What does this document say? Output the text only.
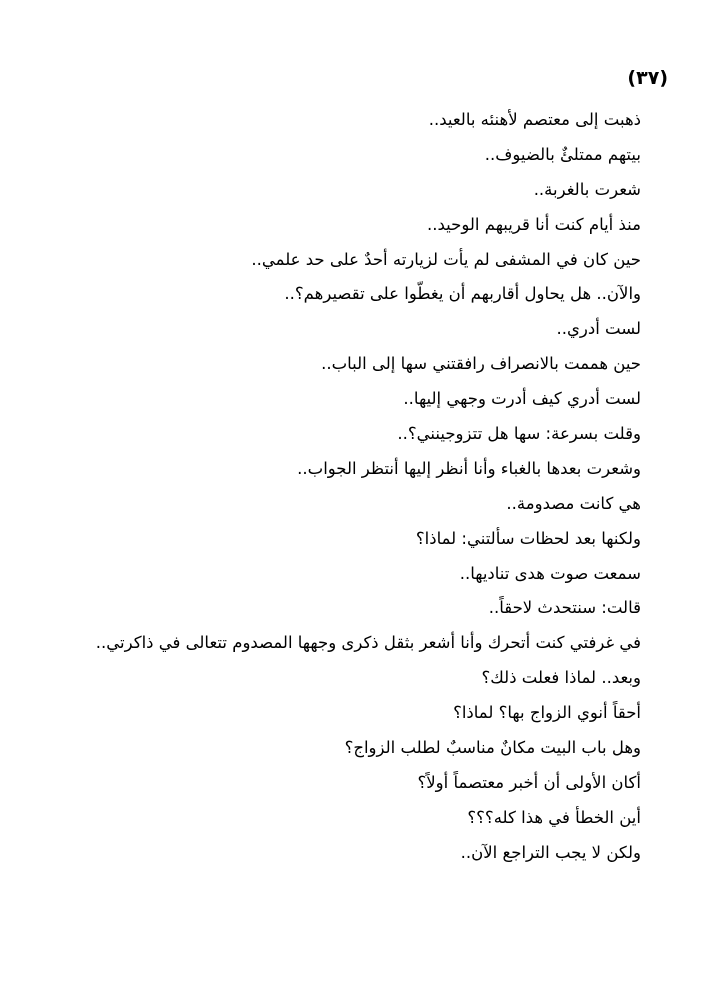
(٣٧)
ذهبت إلى معتصم لأهنئه بالعيد..
بيتهم ممتلئٌ بالضيوف..
شعرت بالغربة..
منذ أيام كنت أنا قريبهم الوحيد..
حين كان في المشفى لم يأت لزيارته أحدٌ على حد علمي..
والآن.. هل يحاول أقاربهم أن يغطّوا على تقصيرهم؟..
لست أدري..
حين هممت بالانصراف رافقتني سها إلى الباب..
لست أدري كيف أدرت وجهي إليها..
وقلت بسرعة: سها هل تتزوجينني؟..
وشعرت بعدها بالغباء وأنا أنظر إليها أنتظر الجواب..
هي كانت مصدومة..
ولكنها بعد لحظات سألتني: لماذا؟
سمعت صوت هدى تناديها..
قالت: سنتحدث لاحقاً..
في غرفتي كنت أتحرك وأنا أشعر بثقل ذكرى وجهها المصدوم تتعالى في ذاكرتي..
وبعد.. لماذا فعلت ذلك؟
أحقاً أنوي الزواج بها؟ لماذا؟
وهل باب البيت مكانٌ مناسبٌ لطلب الزواج؟
أكان الأولى أن أخبر معتصماً أولاً؟
أين الخطأ في هذا كله؟؟؟
ولكن لا يجب التراجع الآن..
